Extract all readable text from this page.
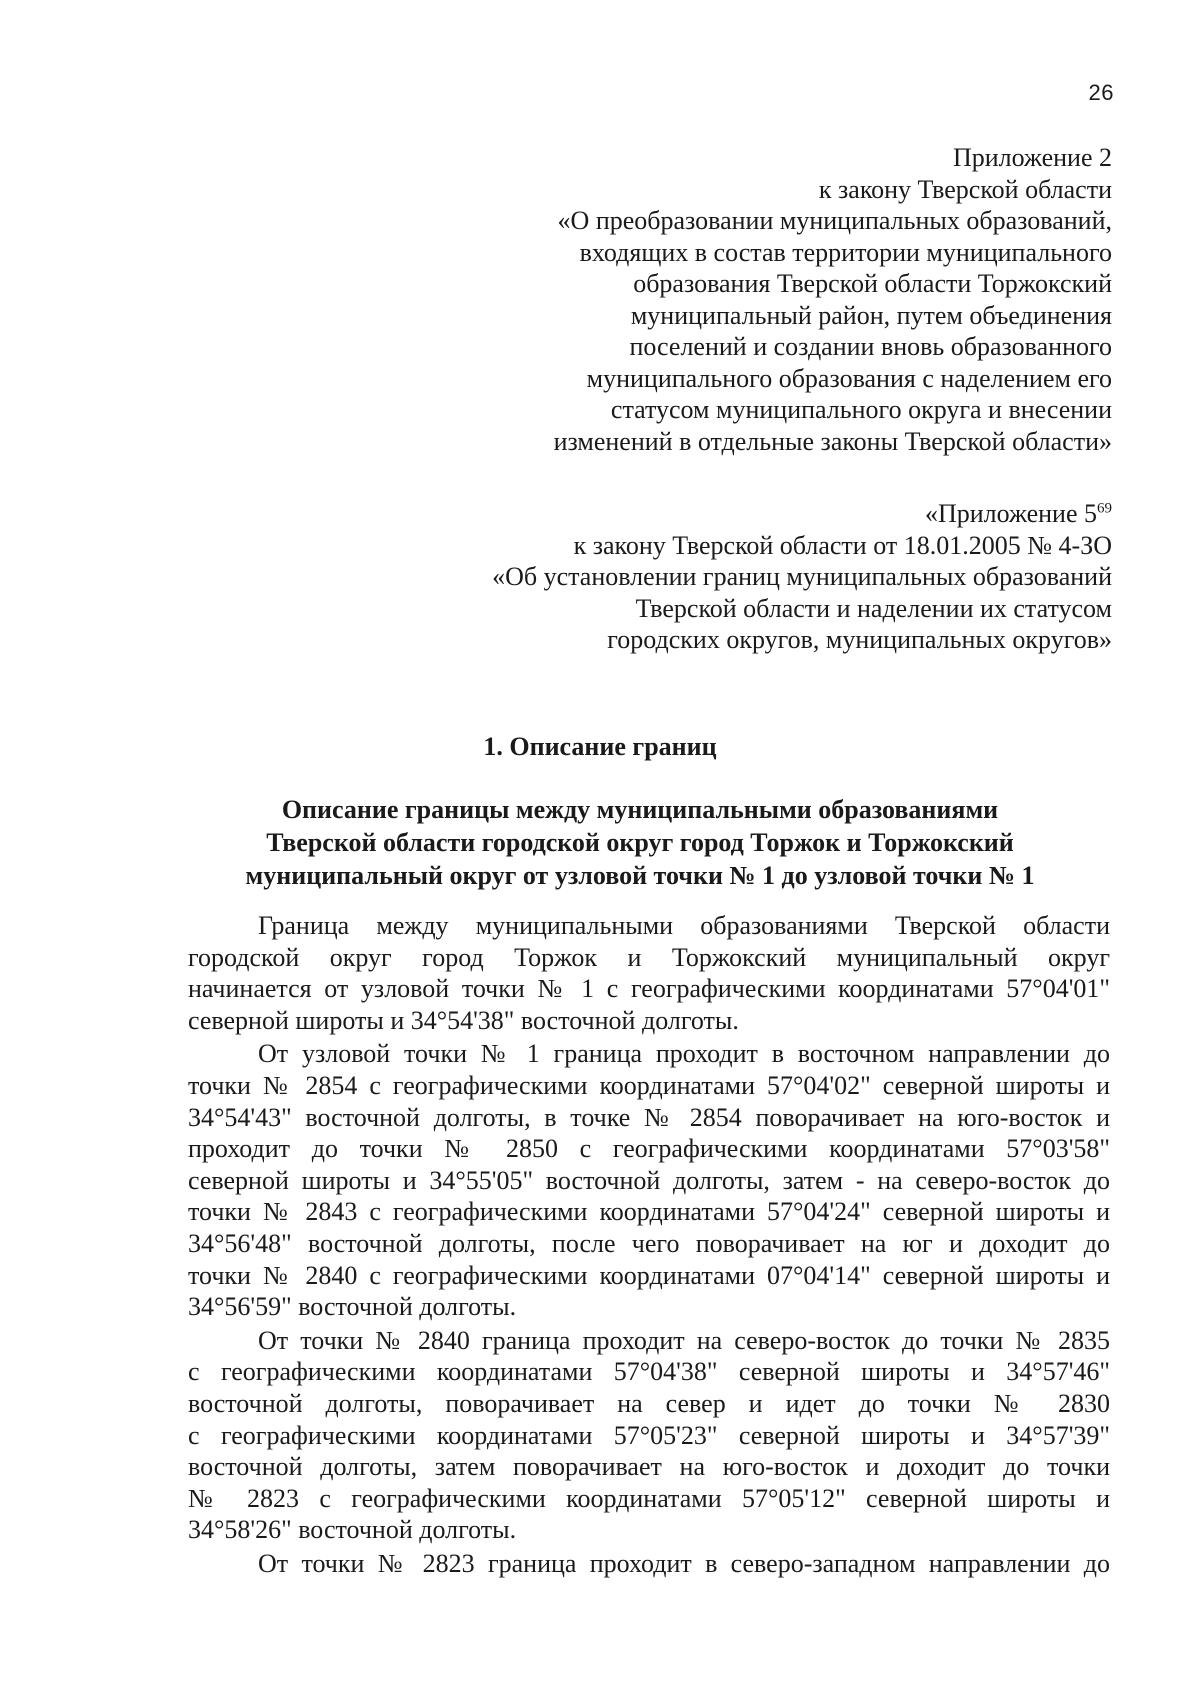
26
Приложение 2
к закону Тверской области
«О преобразовании муниципальных образований,
входящих в состав территории муниципального
образования Тверской области Торжокский
муниципальный район, путем объединения
поселений и создании вновь образованного
муниципального образования с наделением его
статусом муниципального округа и внесении
изменений в отдельные законы Тверской области»
«Приложение 5$^{69}$
к закону Тверской области от 18.01.2005 № 4-ЗО
«Об установлении границ муниципальных образований
Тверской области и наделении их статусом
городских округов, муниципальных округов»
1. Описание границ
Описание границы между муниципальными образованиями
Тверской области городской округ город Торжок и Торжокский
муниципальный округ от узловой точки № 1 до узловой точки № 1

Граница между муниципальными образованиями Тверской области
городской округ город Торжок и Торжокский муниципальный округ
начинается от узловой точки № 1 с географическими координатами 57°04'01"
северной широты и 34°54'38" восточной долготы.

От узловой точки № 1 граница проходит в восточном направлении до
точки № 2854 с географическими координатами 57°04'02" северной широты и
34°54'43" восточной долготы, в точке № 2854 поворачивает на юго-восток и
проходит до точки № 2850 с географическими координатами 57°03'58"
северной широты и 34°55'05" восточной долготы, затем - на северо-восток до
точки № 2843 с географическими координатами 57°04'24" северной широты и
34°56'48" восточной долготы, после чего поворачивает на юг и доходит до
точки № 2840 с географическими координатами 07°04'14" северной широты и
34°56'59" восточной долготы.

От точки № 2840 граница проходит на северо-восток до точки № 2835
с географическими координатами 57°04'38" северной широты и 34°57'46"
восточной долготы, поворачивает на север и идет до точки № 2830
с географическими координатами 57°05'23" северной широты и 34°57'39"
восточной долготы, затем поворачивает на юго-восток и доходит до точки
№ 2823 с географическими координатами 57°05'12" северной широты и
34°58'26" восточной долготы.

От точки № 2823 граница проходит в северо-западном направлении до
